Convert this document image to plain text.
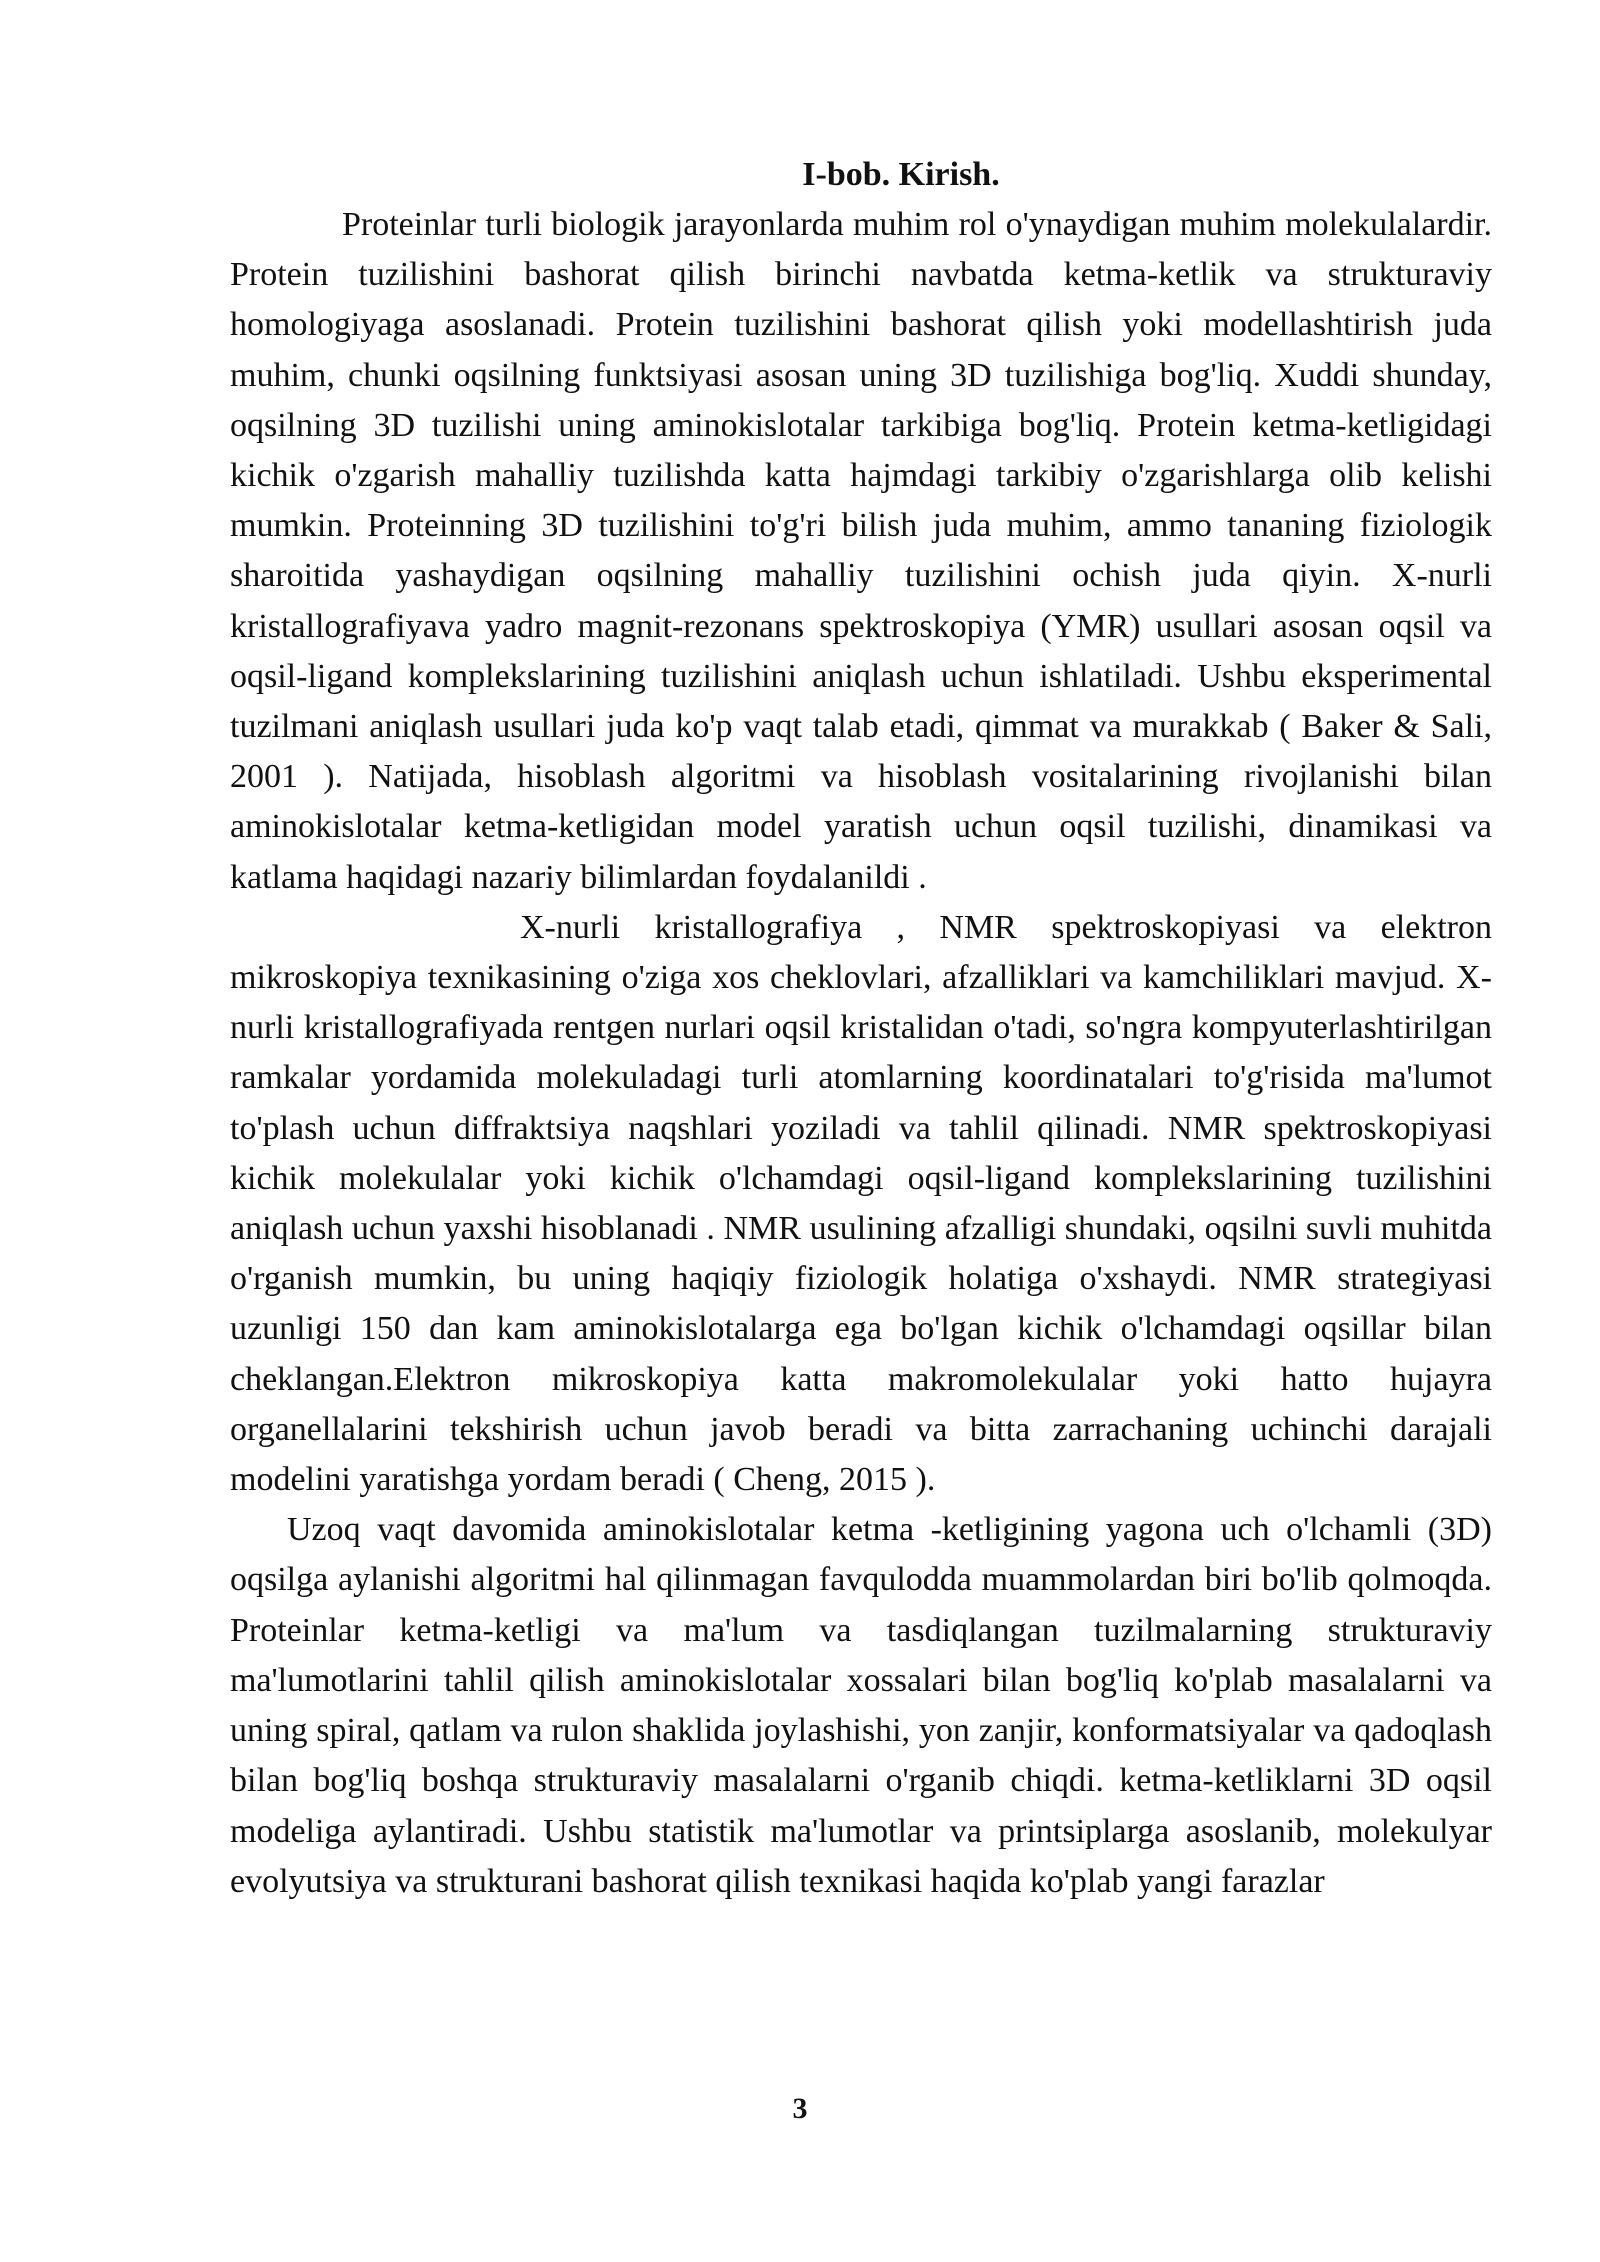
I-bob. Kirish.

Proteinlar turli biologik jarayonlarda muhim rol o'ynaydigan muhim molekulalardir. Protein tuzilishini bashorat qilish birinchi navbatda ketma-ketlik va strukturaviy homologiyaga asoslanadi. Protein tuzilishini bashorat qilish yoki modellashtirish juda muhim, chunki oqsilning funktsiyasi asosan uning 3D tuzilishiga bog'liq. Xuddi shunday, oqsilning 3D tuzilishi uning aminokislotalar tarkibiga bog'liq. Protein ketma-ketligidagi kichik o'zgarish mahalliy tuzilishda katta hajmdagi tarkibiy o'zgarishlarga olib kelishi mumkin. Proteinning 3D tuzilishini to'g'ri bilish juda muhim, ammo tananing fiziologik sharoitida yashaydigan oqsilning mahalliy tuzilishini ochish juda qiyin. X-nurli kristallografiyava yadro magnit-rezonans spektroskopiya (YMR) usullari asosan oqsil va oqsil-ligand komplekslarining tuzilishini aniqlash uchun ishlatiladi. Ushbu eksperimental tuzilmani aniqlash usullari juda ko'p vaqt talab etadi, qimmat va murakkab ( Baker & Sali, 2001 ). Natijada, hisoblash algoritmi va hisoblash vositalarining rivojlanishi bilan aminokislotalar ketma-ketligidan model yaratish uchun oqsil tuzilishi, dinamikasi va katlama haqidagi nazariy bilimlardan foydalanildi .

X-nurli kristallografiya , NMR spektroskopiyasi va elektron mikroskopiya texnikasining o'ziga xos cheklovlari, afzalliklari va kamchiliklari mavjud. X-nurli kristallografiyada rentgen nurlari oqsil kristalidan o'tadi, so'ngra kompyuterlashtirilgan ramkalar yordamida molekuladagi turli atomlarning koordinatalari to'g'risida ma'lumot to'plash uchun diffraktsiya naqshlari yoziladi va tahlil qilinadi. NMR spektroskopiyasi kichik molekulalar yoki kichik o'lchamdagi oqsil-ligand komplekslarining tuzilishini aniqlash uchun yaxshi hisoblanadi . NMR usulining afzalligi shundaki, oqsilni suvli muhitda o'rganish mumkin, bu uning haqiqiy fiziologik holatiga o'xshaydi. NMR strategiyasi uzunligi 150 dan kam aminokislotalarga ega bo'lgan kichik o'lchamdagi oqsillar bilan cheklangan.Elektron mikroskopiya katta makromolekulalar yoki hatto hujayra organellalarini tekshirish uchun javob beradi va bitta zarrachaning uchinchi darajali modelini yaratishga yordam beradi ( Cheng, 2015 ).

Uzoq vaqt davomida aminokislotalar ketma -ketligining yagona uch o'lchamli (3D) oqsilga aylanishi algoritmi hal qilinmagan favqulodda muammolardan biri bo'lib qolmoqda. Proteinlar ketma-ketligi va ma'lum va tasdiqlangan tuzilmalarning strukturaviy ma'lumotlarini tahlil qilish aminokislotalar xossalari bilan bog'liq ko'plab masalalarni va uning spiral, qatlam va rulon shaklida joylashishi, yon zanjir, konformatsiyalar va qadoqlash bilan bog'liq boshqa strukturaviy masalalarni o'rganib chiqdi. ketma-ketliklarni 3D oqsil modeliga aylantiradi. Ushbu statistik ma'lumotlar va printsiplarga asoslanib, molekulyar evolyutsiya va strukturani bashorat qilish texnikasi haqida ko'plab yangi farazlar

3
